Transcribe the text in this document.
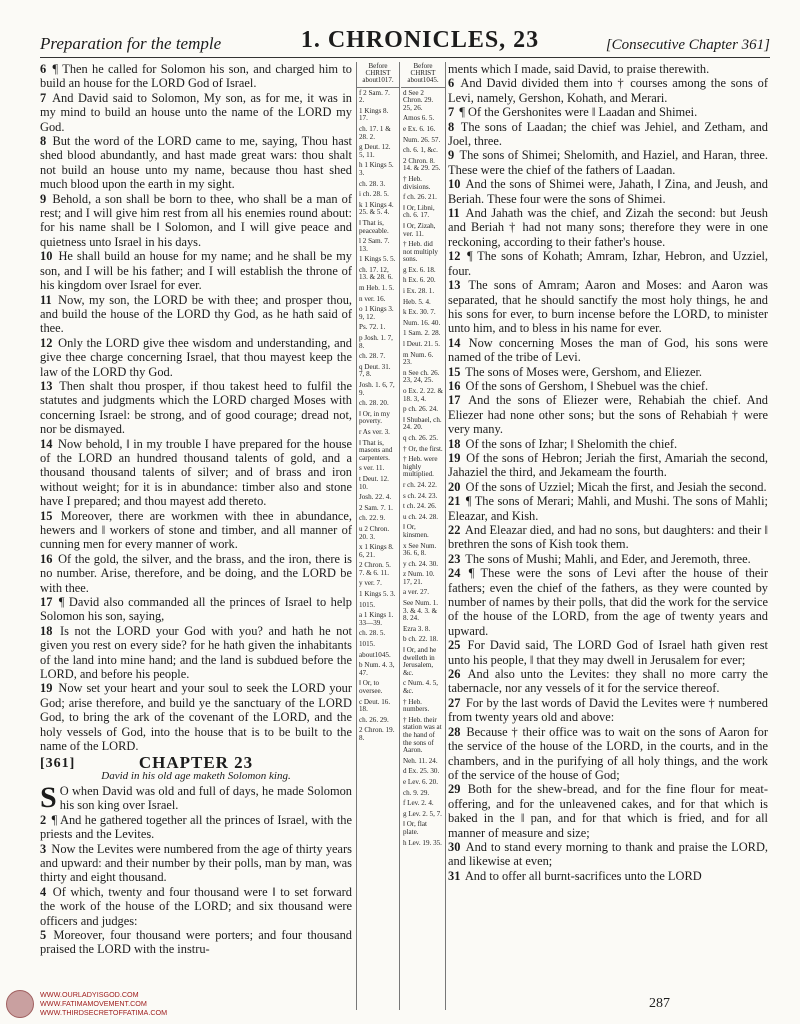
Preparation for the temple	1. CHRONICLES, 23	[Consecutive Chapter 361]

6 ¶ Then he called for Solomon his son, and charged him to build an house for the LORD God of Israel.

7 And David said to Solomon, My son, as for me, it was in my mind to build an house unto the name of the LORD my God.

8 But the word of the LORD came to me, saying, Thou hast shed blood abundantly, and hast made great wars: thou shalt not build an house unto my name, because thou hast shed much blood upon the earth in my sight.

9 Behold, a son shall be born to thee, who shall be a man of rest; and I will give him rest from all his enemies round about: for his name shall be ‖ Solomon, and I will give peace and quietness unto Israel in his days.

10 He shall build an house for my name; and he shall be my son, and I will be his father; and I will establish the throne of his kingdom over Israel for ever.

11 Now, my son, the LORD be with thee; and prosper thou, and build the house of the LORD thy God, as he hath said of thee.

12 Only the LORD give thee wisdom and understanding, and give thee charge concerning Israel, that thou mayest keep the law of the LORD thy God.

13 Then shalt thou prosper, if thou takest heed to fulfil the statutes and judgments which the LORD charged Moses with concerning Israel: be strong, and of good courage; dread not, nor be dismayed.

14 Now behold, ‖ in my trouble I have prepared for the house of the LORD an hundred thousand talents of gold, and a thousand thousand talents of silver; and of brass and iron without weight; for it is in abundance: timber also and stone have I prepared; and thou mayest add thereto.

15 Moreover, there are workmen with thee in abundance, hewers and ‖ workers of stone and timber, and all manner of cunning men for every manner of work.

16 Of the gold, the silver, and the brass, and the iron, there is no number. Arise, therefore, and be doing, and the LORD be with thee.

17 ¶ David also commanded all the princes of Israel to help Solomon his son, saying,

18 Is not the LORD your God with you? and hath he not given you rest on every side? for he hath given the inhabitants of the land into mine hand; and the land is subdued before the LORD, and before his people.

19 Now set your heart and your soul to seek the LORD your God; arise therefore, and build ye the sanctuary of the LORD God, to bring the ark of the covenant of the LORD, and the holy vessels of God, into the house that is to be built to the name of the LORD.

[361]	CHAPTER 23
David in his old age maketh Solomon king.

S O when David was old and full of days, he made Solomon his son king over Israel.

2 ¶ And he gathered together all the princes of Israel, with the priests and the Levites.

3 Now the Levites were numbered from the age of thirty years and upward: and their number by their polls, man by man, was thirty and eight thousand.

4 Of which, twenty and four thousand were ‖ to set forward the work of the house of the LORD; and six thousand were officers and judges:

5 Moreover, four thousand were porters; and four thousand praised the LORD with the instru-

Before
CHRIST
about1017.
f 2 Sam. 7. 2.
1 Kings 8. 17.
ch. 17. 1 & 28. 2.
g Deut. 12. 5, 11.
h 1 Kings 5. 3.
ch. 28. 3.
i ch. 28. 5.
k 1 Kings 4. 25. & 5. 4.
‖ That is, peaceable.
l 2 Sam. 7. 13.
1 Kings 5. 5.
ch. 17. 12, 13. & 28. 6.
m Heb. 1. 5.
n ver. 16.
o 1 Kings 3. 9, 12.
Ps. 72. 1.
p Josh. 1. 7, 8.
ch. 28. 7.
q Deut. 31. 7, 8.
Josh. 1. 6, 7, 9.
ch. 28. 20.
‖ Or, in my poverty.
r As ver. 3.
‖ That is, masons and carpenters.
s ver. 11.
t Deut. 12. 10.
Josh. 22. 4.
2 Sam. 7. 1.
ch. 22. 9.
u 2 Chron. 20. 3.
x 1 Kings 8. 6, 21.
2 Chron. 5. 7. & 6. 11.
y ver. 7.
1 Kings 5. 3.
1015.
a 1 Kings 1. 33—39.
ch. 28. 5.
1015.
about1045.
b Num. 4. 3, 47.
‖ Or, to oversee.
c Deut. 16. 18.
ch. 26. 29.
2 Chron. 19. 8.
Before
CHRIST
about1045.
d See 2 Chron. 29. 25, 26.
Amos 6. 5.
e Ex. 6. 16.
Num. 26. 57.
ch. 6. 1, &c.
2 Chron. 8. 14. & 29. 25.
† Heb. divisions.
f ch. 26. 21.
‖ Or, Libni, ch. 6. 17.
‖ Or, Zizah, ver. 11.
† Heb. did not multiply sons.
g Ex. 6. 18.
h Ex. 6. 20.
i Ex. 28. 1.
Heb. 5. 4.
k Ex. 30. 7.
Num. 16. 40.
1 Sam. 2. 28.
l Deut. 21. 5.
m Num. 6. 23.
n See ch. 26. 23, 24, 25.
o Ex. 2. 22. & 18. 3, 4.
p ch. 26. 24.
‖ Shubael, ch. 24. 20.
q ch. 26. 25.
† Or, the first.
† Heb. were highly multiplied.
r ch. 24. 22.
s ch. 24. 23.
t ch. 24. 26.
u ch. 24. 28.
‖ Or, kinsmen.
x See Num. 36. 6, 8.
y ch. 24. 30.
z Num. 10. 17, 21.
a ver. 27.
See Num. 1. 3. & 4. 3. & 8. 24.
Ezra 3. 8.
b ch. 22. 18.
‖ Or, and he dwelleth in Jerusalem, &c.
c Num. 4. 5, &c.
† Heb. numbers.
† Heb. their station was at the hand of the sons of Aaron.
Neh. 11. 24.
d Ex. 25. 30.
e Lev. 6. 20.
ch. 9. 29.
f Lev. 2. 4.
g Lev. 2. 5, 7.
‖ Or, flat plate.
h Lev. 19. 35.

ments which I made, said David, to praise therewith.

6 And David divided them into † courses among the sons of Levi, namely, Gershon, Kohath, and Merari.

7 ¶ Of the Gershonites were ‖ Laadan and Shimei.

8 The sons of Laadan; the chief was Jehiel, and Zetham, and Joel, three.

9 The sons of Shimei; Shelomith, and Haziel, and Haran, three. These were the chief of the fathers of Laadan.

10 And the sons of Shimei were, Jahath, ‖ Zina, and Jeush, and Beriah. These four were the sons of Shimei.

11 And Jahath was the chief, and Zizah the second: but Jeush and Beriah † had not many sons; therefore they were in one reckoning, according to their father's house.

12 ¶ The sons of Kohath; Amram, Izhar, Hebron, and Uzziel, four.

13 The sons of Amram; Aaron and Moses: and Aaron was separated, that he should sanctify the most holy things, he and his sons for ever, to burn incense before the LORD, to minister unto him, and to bless in his name for ever.

14 Now concerning Moses the man of God, his sons were named of the tribe of Levi.

15 The sons of Moses were, Gershom, and Eliezer.

16 Of the sons of Gershom, ‖ Shebuel was the chief.

17 And the sons of Eliezer were, Rehabiah the chief. And Eliezer had none other sons; but the sons of Rehabiah † were very many.

18 Of the sons of Izhar; ‖ Shelomith the chief.

19 Of the sons of Hebron; Jeriah the first, Amariah the second, Jahaziel the third, and Jekameam the fourth.

20 Of the sons of Uzziel; Micah the first, and Jesiah the second.

21 ¶ The sons of Merari; Mahli, and Mushi. The sons of Mahli; Eleazar, and Kish.

22 And Eleazar died, and had no sons, but daughters: and their ‖ brethren the sons of Kish took them.

23 The sons of Mushi; Mahli, and Eder, and Jeremoth, three.

24 ¶ These were the sons of Levi after the house of their fathers; even the chief of the fathers, as they were counted by number of names by their polls, that did the work for the service of the house of the LORD, from the age of twenty years and upward.

25 For David said, The LORD God of Israel hath given rest unto his people, ‖ that they may dwell in Jerusalem for ever;

26 And also unto the Levites: they shall no more carry the tabernacle, nor any vessels of it for the service thereof.

27 For by the last words of David the Levites were † numbered from twenty years old and above:

28 Because † their office was to wait on the sons of Aaron for the service of the house of the LORD, in the courts, and in the chambers, and in the purifying of all holy things, and the work of the service of the house of God;

29 Both for the shew-bread, and for the fine flour for meat-offering, and for the unleavened cakes, and for that which is baked in the ‖ pan, and for that which is fried, and for all manner of measure and size;

30 And to stand every morning to thank and praise the LORD, and likewise at even;

31 And to offer all burnt-sacrifices unto the LORD

WWW.OURLADYISGOD.COM
WWW.FATIMAMOVEMENT.COM
WWW.THIRDSECRETOFFATIMA.COM
287
